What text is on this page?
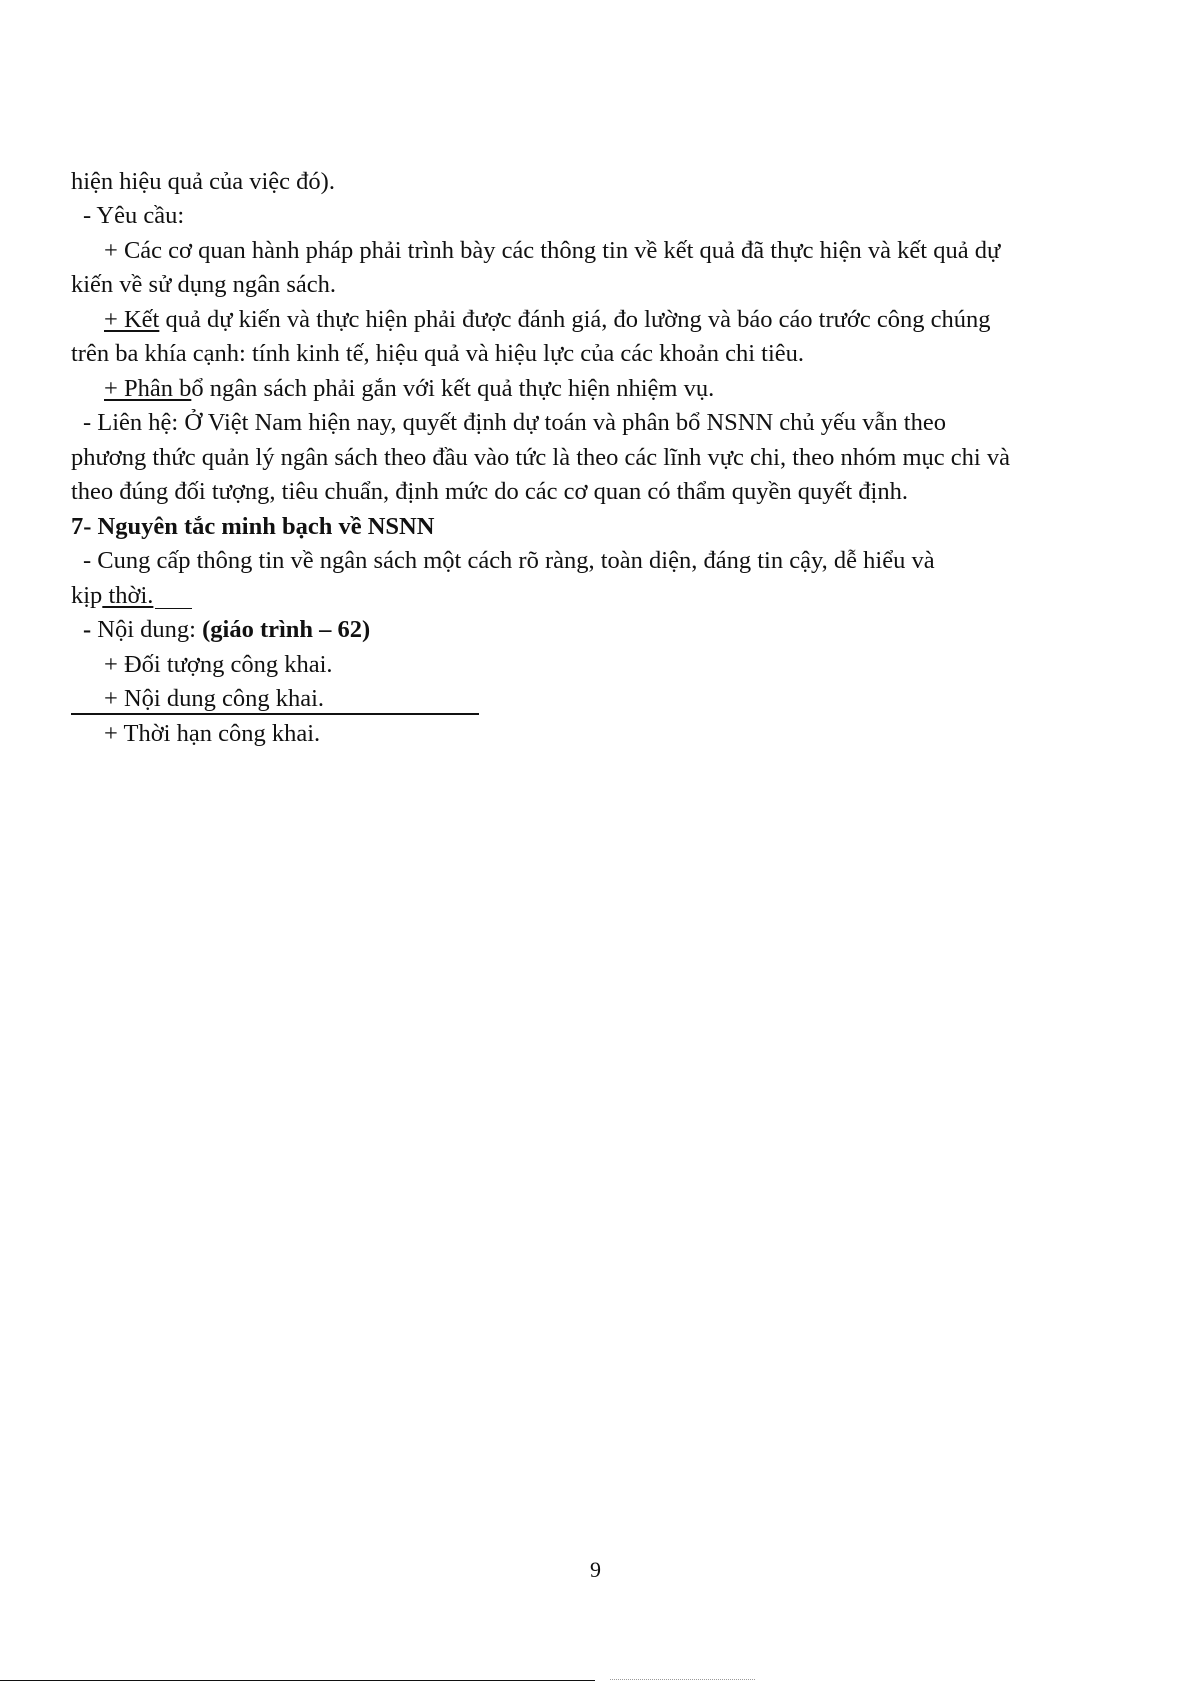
hiện hiệu quả của việc đó).
- Yêu cầu:
+ Các cơ quan hành pháp phải trình bày các thông tin về kết quả đã thực hiện và kết quả dự
kiến về sử dụng ngân sách.
+ Kết quả dự kiến và thực hiện phải được đánh giá, đo lường và báo cáo trước công chúng
trên ba khía cạnh: tính kinh tế, hiệu quả và hiệu lực của các khoản chi tiêu.
+ Phân bổ ngân sách phải gắn với kết quả thực hiện nhiệm vụ.
- Liên hệ: Ở Việt Nam hiện nay, quyết định dự toán và phân bổ NSNN chủ yếu vẫn theo
phương thức quản lý ngân sách theo đầu vào tức là theo các lĩnh vực chi, theo nhóm mục chi và
theo đúng đối tượng, tiêu chuẩn, định mức do các cơ quan có thẩm quyền quyết định.
7- Nguyên tắc minh bạch về NSNN
- Cung cấp thông tin về ngân sách một cách rõ ràng, toàn diện, đáng tin cậy, dễ hiểu và
kịp thời.
- Nội dung: (giáo trình – 62)
+ Đối tượng công khai.
+ Nội dung công khai.
+ Thời hạn công khai.
9
